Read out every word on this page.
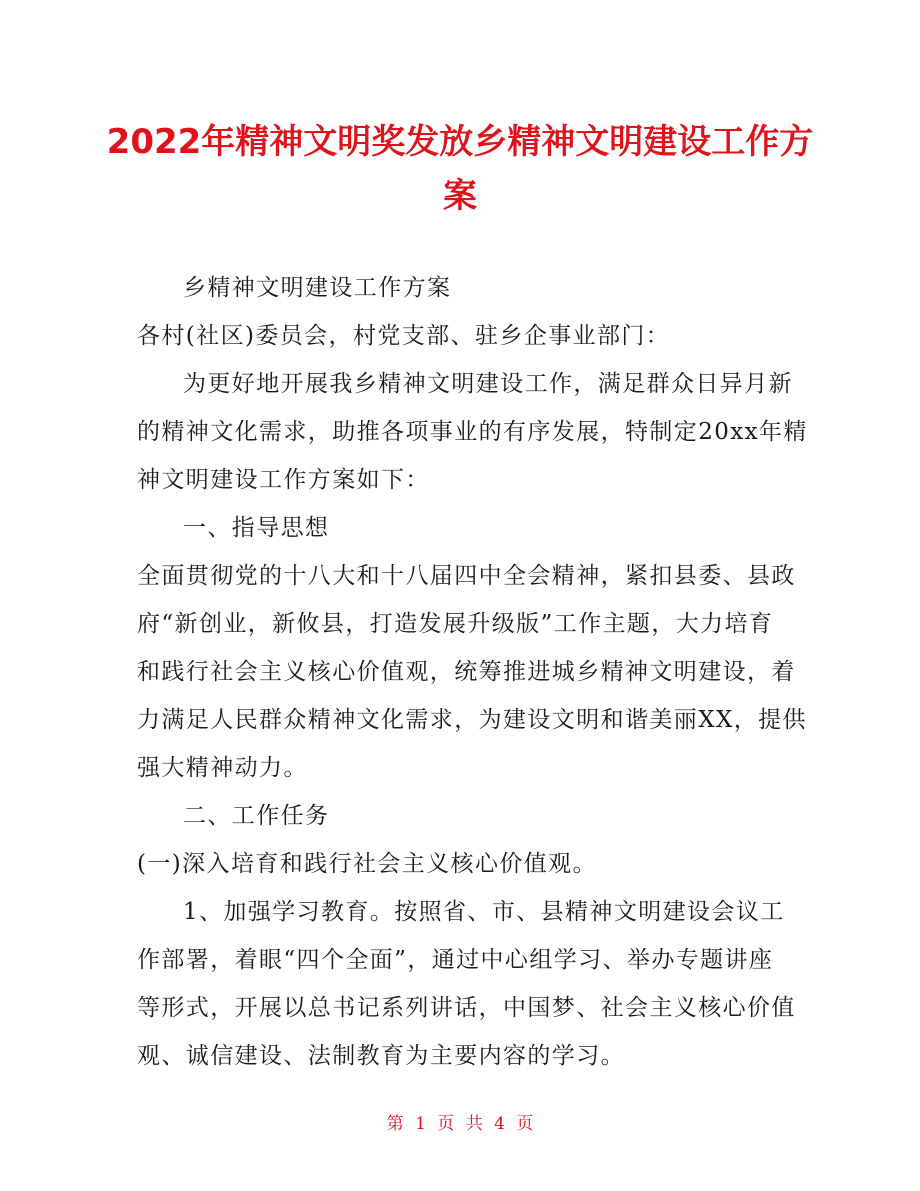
2022年精神文明奖发放乡精神文明建设工作方
案
乡精神文明建设工作方案
各村(社区)委员会，村党支部、驻乡企事业部门：
为更好地开展我乡精神文明建设工作，满足群众日异月新
的精神文化需求，助推各项事业的有序发展，特制定20xx年精
神文明建设工作方案如下：
一、指导思想
全面贯彻党的十八大和十八届四中全会精神，紧扣县委、县政
府“新创业，新攸县，打造发展升级版”工作主题，大力培育
和践行社会主义核心价值观，统筹推进城乡精神文明建设，着
力满足人民群众精神文化需求，为建设文明和谐美丽XX，提供
强大精神动力。
二、工作任务
(一)深入培育和践行社会主义核心价值观。
1、加强学习教育。按照省、市、县精神文明建设会议工
作部署，着眼“四个全面”，通过中心组学习、举办专题讲座
等形式，开展以总书记系列讲话，中国梦、社会主义核心价值
观、诚信建设、法制教育为主要内容的学习。
第 1 页 共 4 页
